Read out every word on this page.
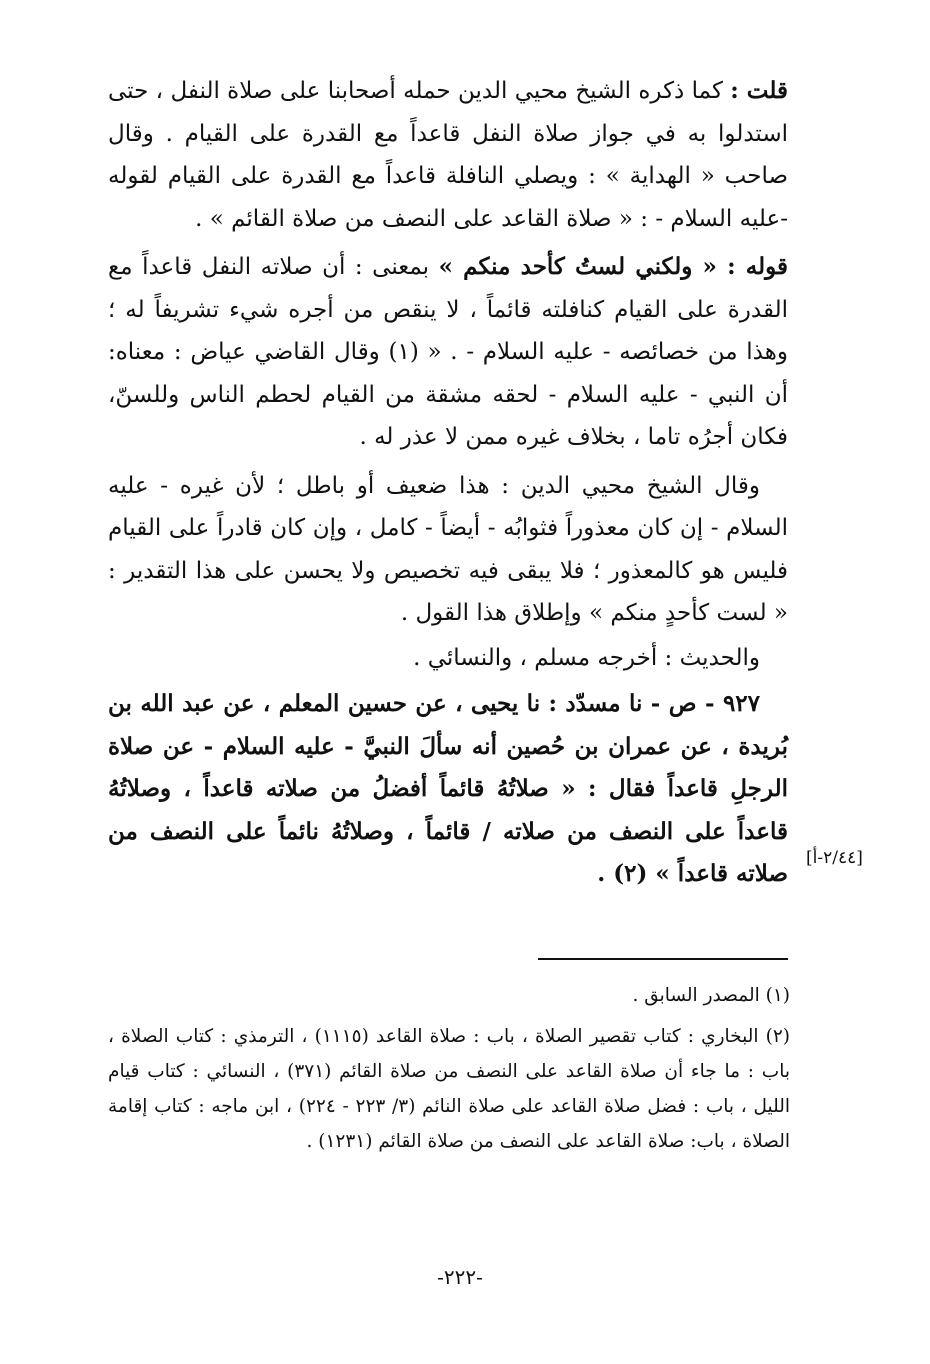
قلت : كما ذكره الشيخ محيي الدين حمله أصحابنا على صلاة النفل ، حتى استدلوا به في جواز صلاة النفل قاعداً مع القدرة على القيام . وقال صاحب « الهداية » : ويصلي النافلة قاعداً مع القدرة على القيام لقوله -عليه السلام - : « صلاة القاعد على النصف من صلاة القائم » .
قوله : « ولكني لستُ كأحد منكم » بمعنى : أن صلاته النفل قاعداً مع القدرة على القيام كنافلته قائماً ، لا ينقص من أجره شيء تشريفاً له ؛ وهذا من خصائصه - عليه السلام - . « (١) وقال القاضي عياض : معناه: أن النبي - عليه السلام - لحقه مشقة من القيام لحطم الناس وللسنّ، فكان أجرُه تاما ، بخلاف غيره ممن لا عذر له .
وقال الشيخ محيي الدين : هذا ضعيف أو باطل ؛ لأن غيره - عليه السلام - إن كان معذوراً فثوابُه - أيضاً - كامل ، وإن كان قادراً على القيام فليس هو كالمعذور ؛ فلا يبقى فيه تخصيص ولا يحسن على هذا التقدير : « لست كأحدٍ منكم » وإطلاق هذا القول .
والحديث : أخرجه مسلم ، والنسائي .
٩٢٧ - ص - نا مسدّد : نا يحيى ، عن حسين المعلم ، عن عبد الله بن بُريدة ، عن عمران بن حُصين أنه سألَ النبيَّ - عليه السلام - عن صلاة الرجلِ قاعداً فقال : « صلاتُهُ قائماً أفضلُ من صلاته قاعداً ، وصلاتُهُ قاعداً على النصف من صلاته / قائماً ، وصلاتُهُ نائماً على النصف من صلاته قاعداً » (٢) .
[٢/٤٤-أ]
(١) المصدر السابق .
(٢) البخاري : كتاب تقصير الصلاة ، باب : صلاة القاعد (١١١٥) ، الترمذي : كتاب الصلاة ، باب : ما جاء أن صلاة القاعد على النصف من صلاة القائم (٣٧١) ، النسائي : كتاب قيام الليل ، باب : فضل صلاة القاعد على صلاة النائم (٣/ ٢٢٣ - ٢٢٤) ، ابن ماجه : كتاب إقامة الصلاة ، باب: صلاة القاعد على النصف من صلاة القائم (١٢٣١) .
-٢٢٢-
